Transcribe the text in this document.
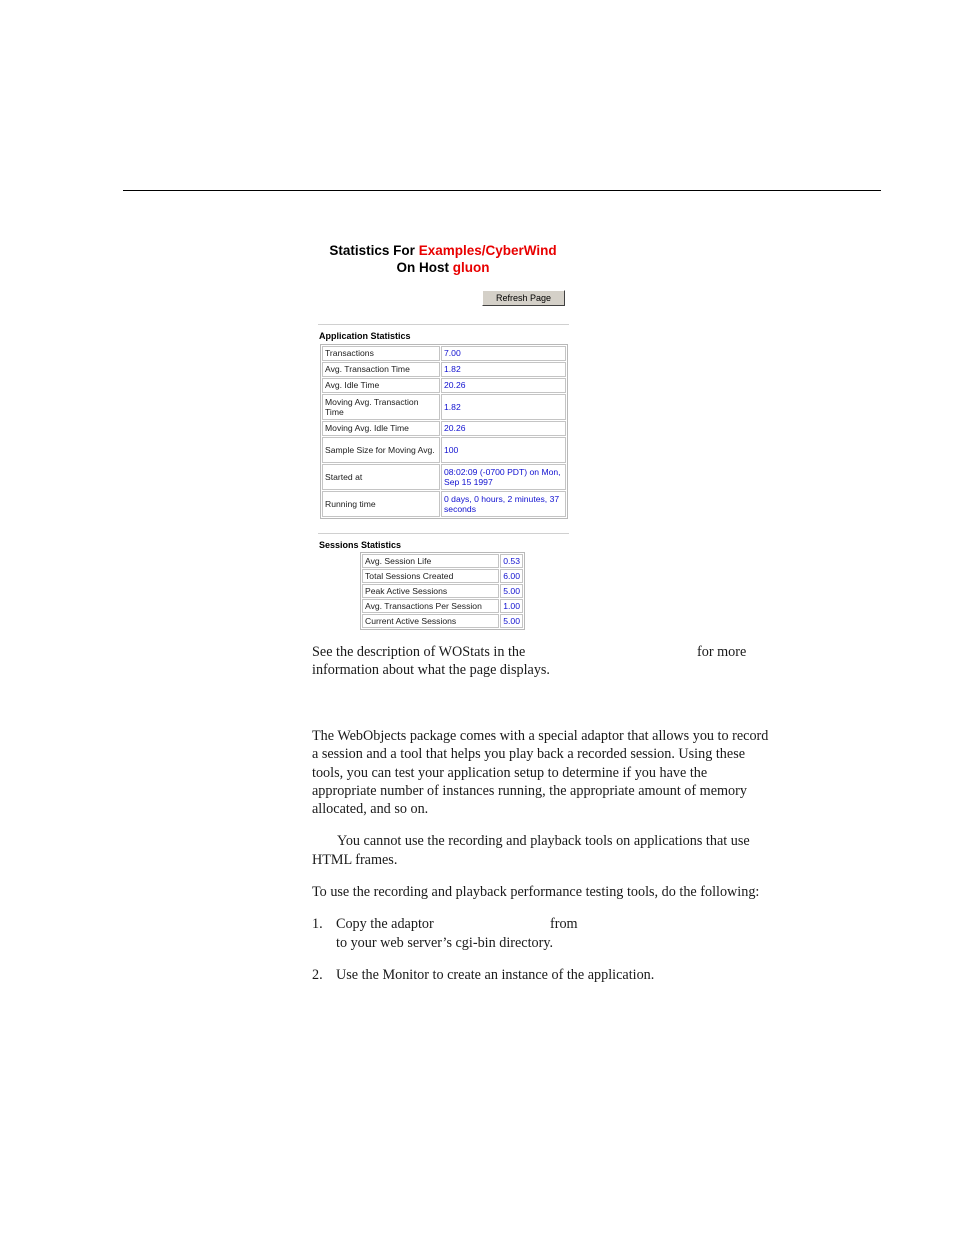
Statistics For Examples/CyberWind
On Host gluon
Refresh Page
Application Statistics
Transactions	7.00
Avg. Transaction Time	1.82
Avg. Idle Time	20.26
Moving Avg. Transaction Time	1.82
Moving Avg. Idle Time	20.26
Sample Size for Moving Avg.	100
Started at	08:02:09 (-0700 PDT) on Mon, Sep 15 1997
Running time	0 days, 0 hours, 2 minutes, 37 seconds
Sessions Statistics
Avg. Session Life	0.53
Total Sessions Created	6.00
Peak Active Sessions	5.00
Avg. Transactions Per Session	1.00
Current Active Sessions	5.00
See the description of WOStats in the	for more
information about what the page displays.
The WebObjects package comes with a special adaptor that allows you to record
a session and a tool that helps you play back a recorded session. Using these
tools, you can test your application setup to determine if you have the
appropriate number of instances running, the appropriate amount of memory
allocated, and so on.
You cannot use the recording and playback tools on applications that use
HTML frames.
To use the recording and playback performance testing tools, do the following:
1. Copy the adaptor	from
to your web server’s cgi-bin directory.
2. Use the Monitor to create an instance of the application.
